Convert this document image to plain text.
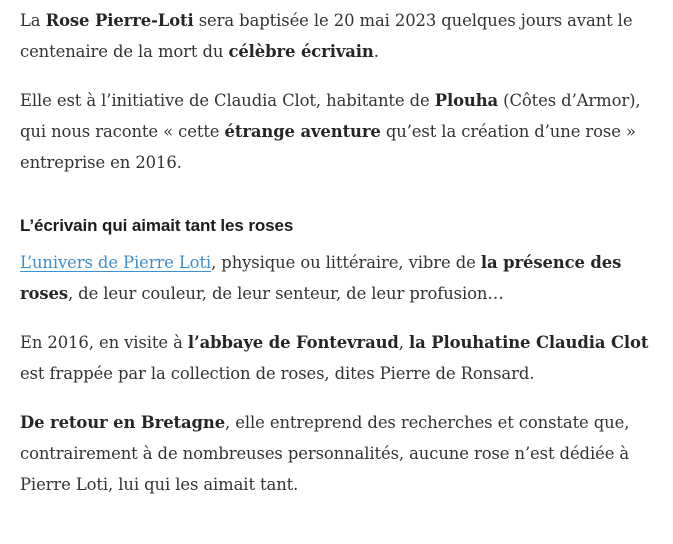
La Rose Pierre-Loti sera baptisée le 20 mai 2023 quelques jours avant le centenaire de la mort du célèbre écrivain.

Elle est à l’initiative de Claudia Clot, habitante de Plouha (Côtes d’Armor), qui nous raconte « cette étrange aventure qu’est la création d’une rose » entreprise en 2016.

L’écrivain qui aimait tant les roses

L’univers de Pierre Loti, physique ou littéraire, vibre de la présence des roses, de leur couleur, de leur senteur, de leur profusion…

En 2016, en visite à l’abbaye de Fontevraud, la Plouhatine Claudia Clot est frappée par la collection de roses, dites Pierre de Ronsard.

De retour en Bretagne, elle entreprend des recherches et constate que, contrairement à de nombreuses personnalités, aucune rose n’est dédiée à Pierre Loti, lui qui les aimait tant.
